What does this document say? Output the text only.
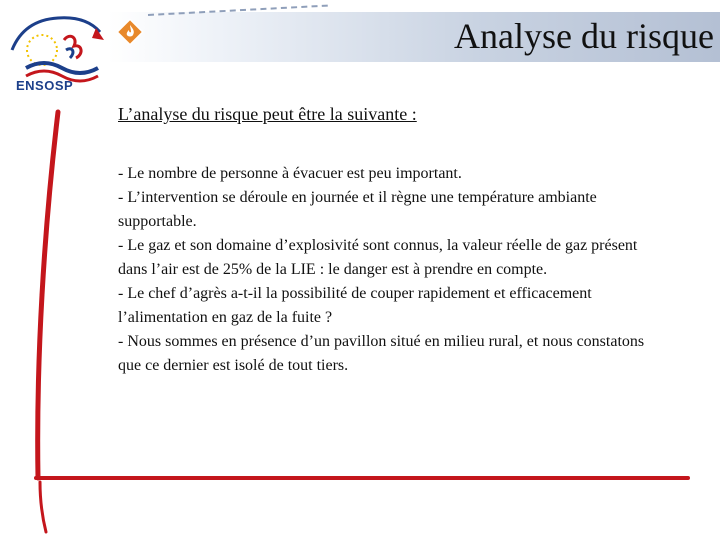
ENSOSP
Analyse du risque
L’analyse du risque peut être la suivante :

- Le nombre de personne à évacuer est peu important.

- L’intervention se déroule en journée et il règne une température ambiante supportable.

- Le gaz et son domaine d’explosivité sont connus, la valeur réelle de gaz présent dans l’air est de 25% de la LIE : le danger est à prendre en compte.

- Le chef d’agrès a-t-il la possibilité de couper rapidement et efficacement l’alimentation en gaz de la fuite ?

- Nous sommes en présence d’un pavillon situé en milieu rural, et nous constatons que ce dernier est isolé de tout tiers.
